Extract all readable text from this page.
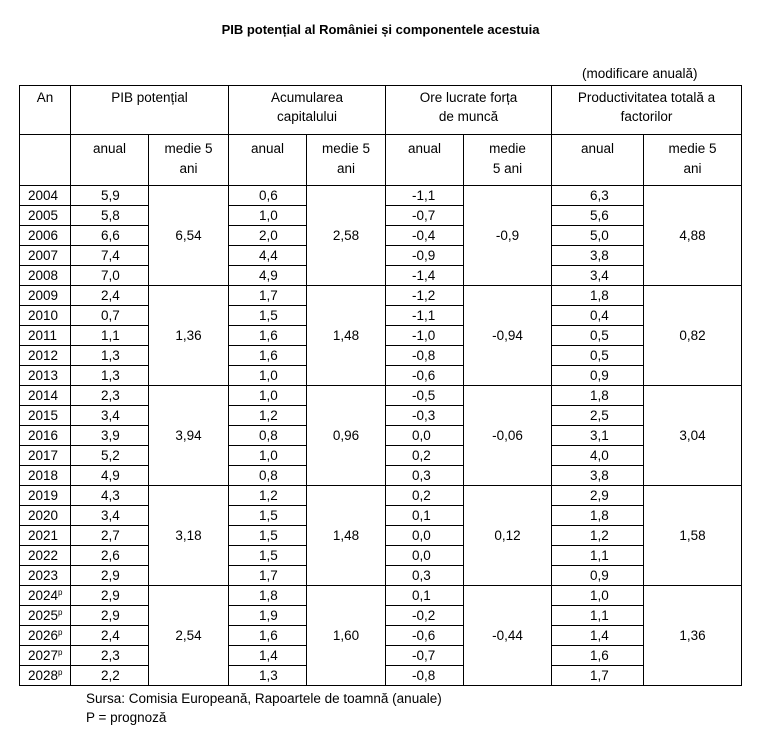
PIB potențial al României și componentele acestuia
(modificare anuală)
An	PIB potențial		Acumularea capitalului		Ore lucrate forța de muncă		Productivitatea totală a factorilor	
	anual	medie 5 ani	anual	medie 5 ani	anual	medie 5 ani	anual	medie 5 ani
2004	5,9	6,54	0,6	2,58	-1,1	-0,9	6,3	4,88
2005	5,8		1,0		-0,7		5,6	
2006	6,6		2,0		-0,4		5,0	
2007	7,4		4,4		-0,9		3,8	
2008	7,0		4,9		-1,4		3,4	
2009	2,4	1,36	1,7	1,48	-1,2	-0,94	1,8	0,82
2010	0,7		1,5		-1,1		0,4	
2011	1,1		1,6		-1,0		0,5	
2012	1,3		1,6		-0,8		0,5	
2013	1,3		1,0		-0,6		0,9	
2014	2,3	3,94	1,0	0,96	-0,5	-0,06	1,8	3,04
2015	3,4		1,2		-0,3		2,5	
2016	3,9		0,8		0,0		3,1	
2017	5,2		1,0		0,2		4,0	
2018	4,9		0,8		0,3		3,8	
2019	4,3	3,18	1,2	1,48	0,2	0,12	2,9	1,58
2020	3,4		1,5		0,1		1,8	
2021	2,7		1,5		0,0		1,2	
2022	2,6		1,5		0,0		1,1	
2023	2,9		1,7		0,3		0,9	
2024$^p$	2,9	2,54	1,8	1,60	0,1	-0,44	1,0	1,36
2025$^p$	2,9		1,9		-0,2		1,1	
2026$^p$	2,4		1,6		-0,6		1,4	
2027$^p$	2,3		1,4		-0,7		1,6	
2028$^p$	2,2		1,3		-0,8		1,7	
Sursa: Comisia Europeană, Rapoartele de toamnă (anuale)
P = prognoză
